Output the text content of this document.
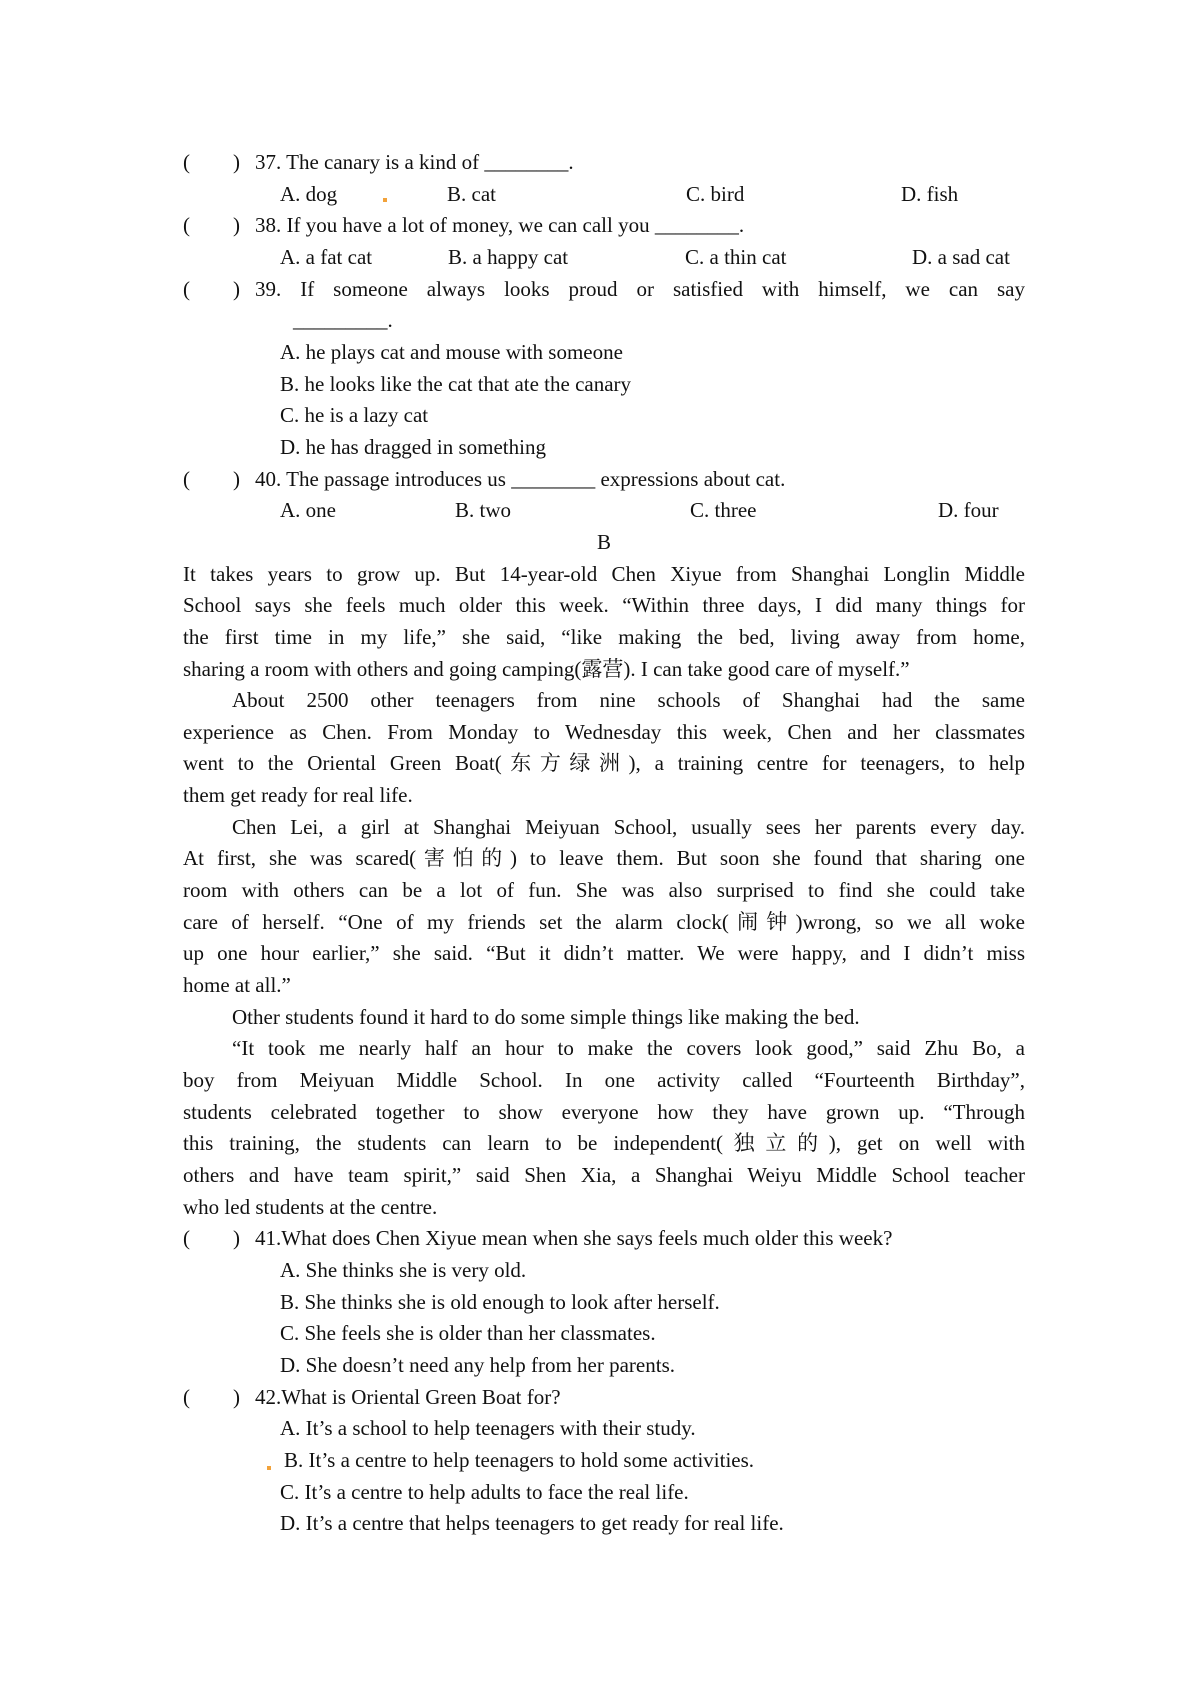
( ) 37. The canary is a kind of ________.
A. dog	B. cat	C. bird	D. fish
( ) 38. If you have a lot of money, we can call you ________.
A. a fat cat	B. a happy cat	C. a thin cat	D. a sad cat
( ) 39. If someone always looks proud or satisfied with himself, we can say
_________.
A. he plays cat and mouse with someone
B. he looks like the cat that ate the canary
C. he is a lazy cat
D. he has dragged in something
( ) 40. The passage introduces us ________ expressions about cat.
A. one	B. two	C. three	D. four
B
It takes years to grow up. But 14-year-old Chen Xiyue from Shanghai Longlin Middle
School says she feels much older this week. “Within three days, I did many things for
the first time in my life,” she said, “like making the bed, living away from home,
sharing a room with others and going camping(露营). I can take good care of myself.”
About 2500 other teenagers from nine schools of Shanghai had the same
experience as Chen. From Monday to Wednesday this week, Chen and her classmates
went to the Oriental Green Boat(东方绿洲), a training centre for teenagers, to help
them get ready for real life.
Chen Lei, a girl at Shanghai Meiyuan School, usually sees her parents every day.
At first, she was scared(害怕的) to leave them. But soon she found that sharing one
room with others can be a lot of fun. She was also surprised to find she could take
care of herself. “One of my friends set the alarm clock(闹钟)wrong, so we all woke
up one hour earlier,” she said. “But it didn’t matter. We were happy, and I didn’t miss
home at all.”
Other students found it hard to do some simple things like making the bed.
“It took me nearly half an hour to make the covers look good,” said Zhu Bo, a
boy from Meiyuan Middle School. In one activity called “Fourteenth Birthday”,
students celebrated together to show everyone how they have grown up. “Through
this training, the students can learn to be independent(独立的), get on well with
others and have team spirit,” said Shen Xia, a Shanghai Weiyu Middle School teacher
who led students at the centre.
( ) 41.What does Chen Xiyue mean when she says feels much older this week?
A. She thinks she is very old.
B. She thinks she is old enough to look after herself.
C. She feels she is older than her classmates.
D. She doesn’t need any help from her parents.
( ) 42.What is Oriental Green Boat for?
A. It’s a school to help teenagers with their study.
B. It’s a centre to help teenagers to hold some activities.
C. It’s a centre to help adults to face the real life.
D. It’s a centre that helps teenagers to get ready for real life.
